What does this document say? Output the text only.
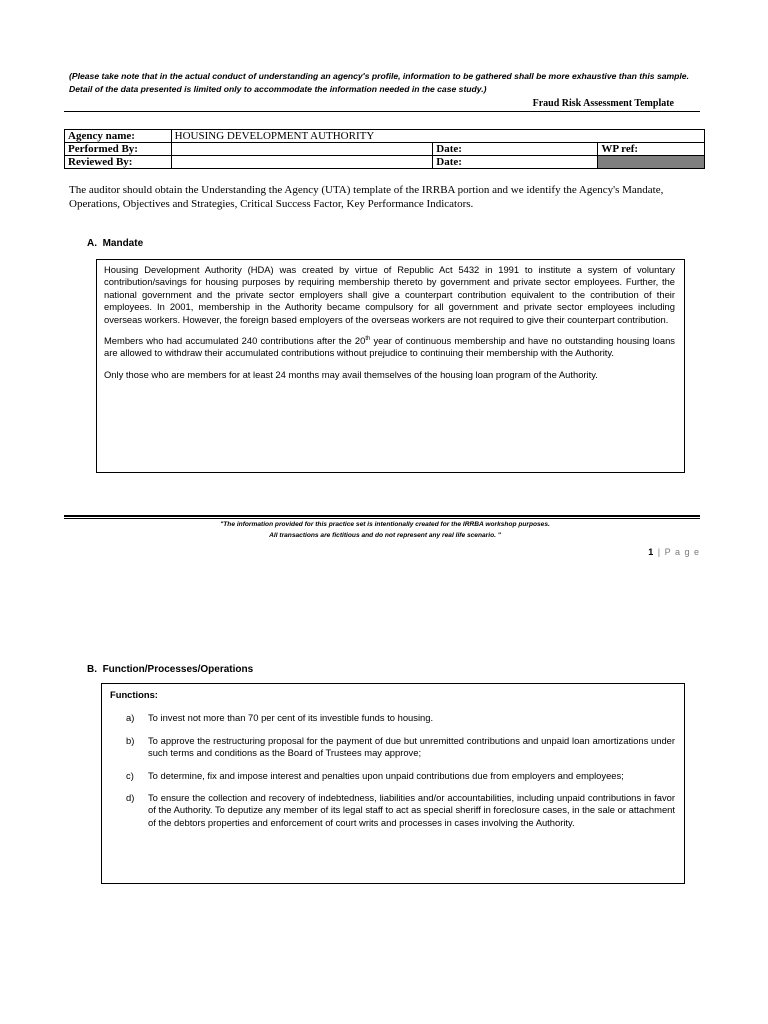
(Please take note that in the actual conduct of understanding an agency's profile, information to be gathered shall be more exhaustive than this sample. Detail of the data presented is limited only to accommodate the information needed in the case study.)
Fraud Risk Assessment Template
Agency name:	HOUSING DEVELOPMENT AUTHORITY		
Performed By:		Date:	WP ref:
Reviewed By:		Date:	
The auditor should obtain the Understanding the Agency (UTA) template of the IRRBA portion and we identify the Agency's Mandate, Operations, Objectives and Strategies, Critical Success Factor, Key Performance Indicators.
A. Mandate

Housing Development Authority (HDA) was created by virtue of Republic Act 5432 in 1991 to institute a system of voluntary contribution/savings for housing purposes by requiring membership thereto by government and private sector employees. Further, the national government and the private sector employers shall give a counterpart contribution equivalent to the contribution of their employees. In 2001, membership in the Authority became compulsory for all government and private sector employees including overseas workers. However, the foreign based employers of the overseas workers are not required to give their counterpart contribution.

Members who had accumulated 240 contributions after the 20th year of continuous membership and have no outstanding housing loans are allowed to withdraw their accumulated contributions without prejudice to continuing their membership with the Authority.

Only those who are members for at least 24 months may avail themselves of the housing loan program of the Authority.

"The information provided for this practice set is intentionally created for the IRRBA workshop purposes.
All transactions are fictitious and do not represent any real life scenario. "
1 | P a g e
B. Function/Processes/Operations
Functions:
a)	To invest not more than 70 per cent of its investible funds to housing.
b)	To approve the restructuring proposal for the payment of due but unremitted contributions and unpaid loan amortizations under such terms and conditions as the Board of Trustees may approve;
c)	To determine, fix and impose interest and penalties upon unpaid contributions due from employers and employees;
d)	To ensure the collection and recovery of indebtedness, liabilities and/or accountabilities, including unpaid contributions in favor of the Authority. To deputize any member of its legal staff to act as special sheriff in foreclosure cases, in the sale or attachment of the debtors properties and enforcement of court writs and processes in cases involving the Authority.
